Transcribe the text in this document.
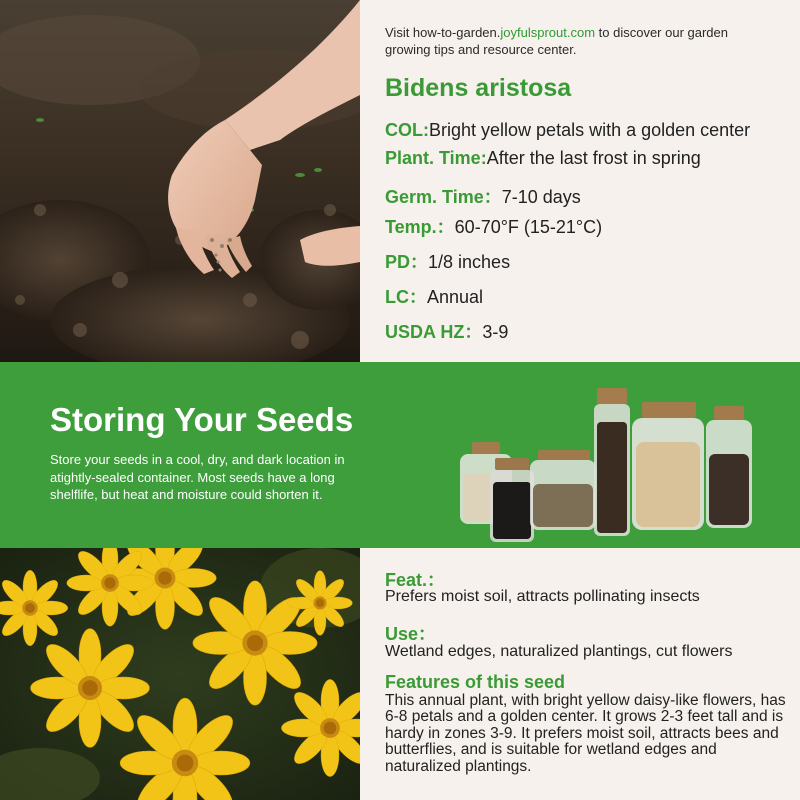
Visit how-to-garden.joyfulsprout.com to discover our garden growing tips and resource center.
Bidens aristosa
COL:Bright yellow petals with a golden center
Plant. Time:After the last frost in spring
Germ. Time：7-10 days
Temp.：60-70°F (15-21°C)
PD：1/8 inches
LC：Annual
USDA HZ：3-9
Storing Your Seeds
Store your seeds in a cool, dry, and dark location in atightly-sealed container. Most seeds have a long shelflife, but heat and moisture could shorten it.
Feat.：
Prefers moist soil, attracts pollinating insects
Use：
Wetland edges, naturalized plantings, cut flowers
Features of this seed
This annual plant, with bright yellow daisy-like flowers, has 6-8 petals and a golden center. It grows 2-3 feet tall and is hardy in zones 3-9. It prefers moist soil, attracts bees and butterflies, and is suitable for wetland edges and naturalized plantings.
